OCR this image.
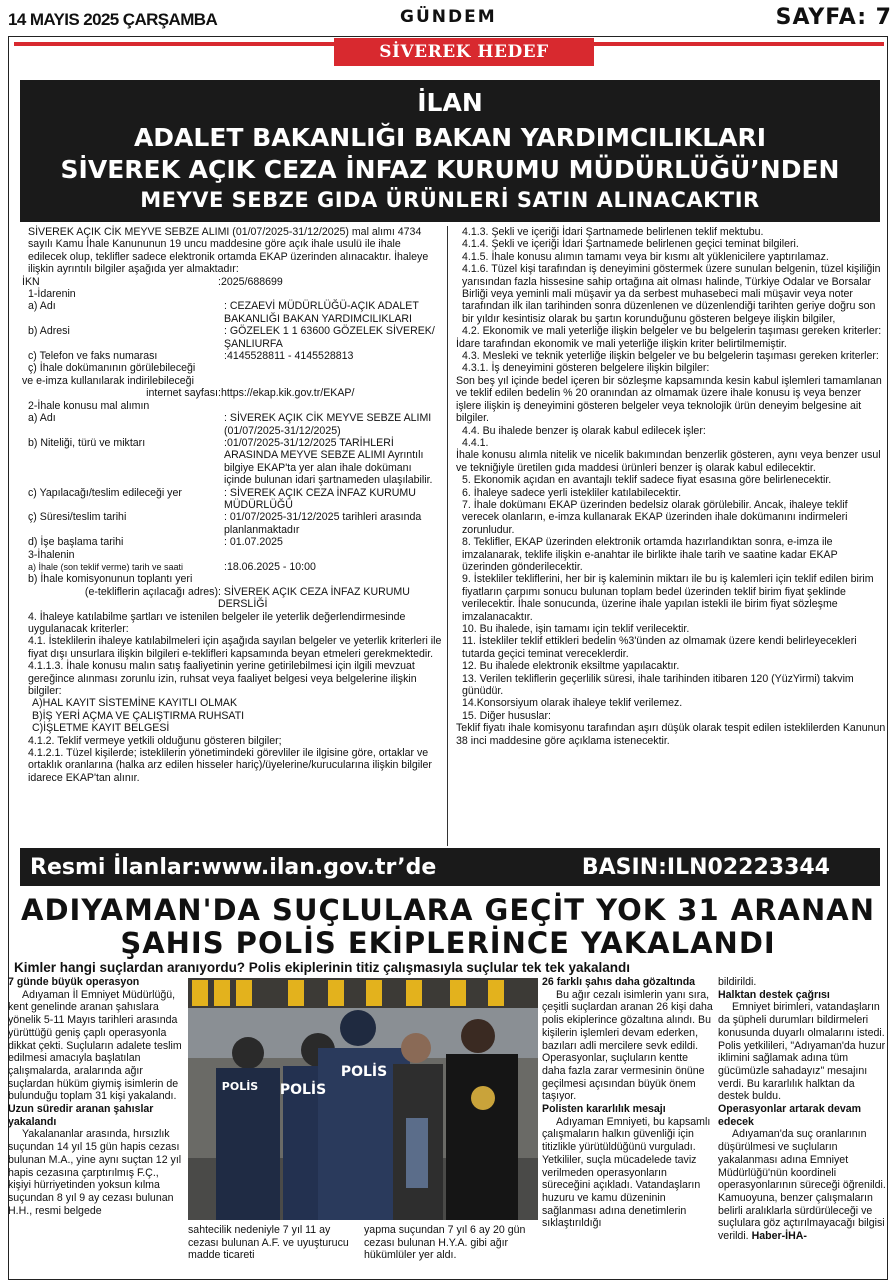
14 MAYIS 2025 ÇARŞAMBA	GÜNDEM	SAYFA: 7
SİVEREK HEDEF
İLAN
ADALET BAKANLIĞI BAKAN YARDIMCILIKLARI
SİVEREK AÇIK CEZA İNFAZ KURUMU MÜDÜRLÜĞÜ’NDEN
MEYVE SEBZE GIDA ÜRÜNLERİ SATIN ALINACAKTIR

SİVEREK AÇIK CİK MEYVE SEBZE ALIMI (01/07/2025-31/12/2025) mal alımı 4734 sayılı Kamu İhale Kanununun 19 uncu maddesine göre açık ihale usulü ile ihale edilecek olup, teklifler sadece elektronik ortamda EKAP üzerinden alınacaktır. İhaleye ilişkin ayrıntılı bilgiler aşağıda yer almaktadır:

İKN	:2025/688699

1-İdarenin

a) Adı	: CEZAEVİ MÜDÜRLÜĞÜ-AÇIK ADALET BAKANLIĞI BAKAN YARDIMCILIKLARI
b) Adresi	: GÖZELEK 1 1 63600 GÖZELEK SİVEREK/ŞANLIURFA
c) Telefon ve faks numarası	:4145528811 - 4145528813

ç) İhale dokümanının görülebileceği

ve e-imza kullanılarak indirilebileceği

internet sayfası :https://ekap.kik.gov.tr/EKAP/

2-İhale konusu mal alımın

a) Adı	: SİVEREK AÇIK CİK MEYVE SEBZE ALIMI (01/07/2025-31/12/2025)
b) Niteliği, türü ve miktarı	:01/07/2025-31/12/2025 TARİHLERİ ARASINDA MEYVE SEBZE ALIMI Ayrıntılı bilgiye EKAP'ta yer alan ihale dokümanı içinde bulunan idari şartnameden ulaşılabilir.
c) Yapılacağı/teslim edileceği yer	: SİVEREK AÇIK CEZA İNFAZ KURUMU MÜDÜRLÜĞÜ
ç) Süresi/teslim tarihi	: 01/07/2025-31/12/2025 tarihleri arasında planlanmaktadır
d) İşe başlama tarihi	: 01.07.2025

3-İhalenin

a) İhale (son teklif verme) tarih ve saati	:18.06.2025 - 10:00

b) İhale komisyonunun toplantı yeri

(e-tekliflerin açılacağı adres) : SİVEREK AÇIK CEZA İNFAZ KURUMU DERSLİĞİ

4. İhaleye katılabilme şartları ve istenilen belgeler ile yeterlik değerlendirmesinde uygulanacak kriterler:

4.1. İsteklilerin ihaleye katılabilmeleri için aşağıda sayılan belgeler ve yeterlik kriterleri ile fiyat dışı unsurlara ilişkin bilgileri e-teklifleri kapsamında beyan etmeleri gerekmektedir.

4.1.1.3. İhale konusu malın satış faaliyetinin yerine getirilebilmesi için ilgili mevzuat gereğince alınması zorunlu izin, ruhsat veya faaliyet belgesi veya belgelerine ilişkin bilgiler:

A)HAL KAYIT SİSTEMİNE KAYITLI OLMAK

B)İŞ YERİ AÇMA VE ÇALIŞTIRMA RUHSATI

C)İŞLETME KAYIT BELGESİ

4.1.2. Teklif vermeye yetkili olduğunu gösteren bilgiler;

4.1.2.1. Tüzel kişilerde; isteklilerin yönetimindeki görevliler ile ilgisine göre, ortaklar ve ortaklık oranlarına (halka arz edilen hisseler hariç)/üyelerine/kurucularına ilişkin bilgiler idarece EKAP'tan alınır.

4.1.3. Şekli ve içeriği İdari Şartnamede belirlenen teklif mektubu.

4.1.4. Şekli ve içeriği İdari Şartnamede belirlenen geçici teminat bilgileri.

4.1.5. İhale konusu alımın tamamı veya bir kısmı alt yüklenicilere yaptırılamaz.

4.1.6. Tüzel kişi tarafından iş deneyimini göstermek üzere sunulan belgenin, tüzel kişiliğin yarısından fazla hissesine sahip ortağına ait olması halinde, Türkiye Odalar ve Borsalar Birliği veya yeminli mali müşavir ya da serbest muhasebeci mali müşavir veya noter tarafından ilk ilan tarihinden sonra düzenlenen ve düzenlendiği tarihten geriye doğru son bir yıldır kesintisiz olarak bu şartın korunduğunu gösteren belgeye ilişkin bilgiler,

4.2. Ekonomik ve mali yeterliğe ilişkin belgeler ve bu belgelerin taşıması gereken kriterler:

İdare tarafından ekonomik ve mali yeterliğe ilişkin kriter belirtilmemiştir.

4.3. Mesleki ve teknik yeterliğe ilişkin belgeler ve bu belgelerin taşıması gereken kriterler:

4.3.1. İş deneyimini gösteren belgelere ilişkin bilgiler:

Son beş yıl içinde bedel içeren bir sözleşme kapsamında kesin kabul işlemleri tamamlanan ve teklif edilen bedelin % 20 oranından az olmamak üzere ihale konusu iş veya benzer işlere ilişkin iş deneyimini gösteren belgeler veya teknolojik ürün deneyim belgesine ait bilgiler.

4.4. Bu ihalede benzer iş olarak kabul edilecek işler:

4.4.1.

İhale konusu alımla nitelik ve nicelik bakımından benzerlik gösteren, aynı veya benzer usul ve tekniğiyle üretilen gıda maddesi ürünleri benzer iş olarak kabul edilecektir.

5. Ekonomik açıdan en avantajlı teklif sadece fiyat esasına göre belirlenecektir.

6. İhaleye sadece yerli istekliler katılabilecektir.

7. İhale dokümanı EKAP üzerinden bedelsiz olarak görülebilir. Ancak, ihaleye teklif verecek olanların, e-imza kullanarak EKAP üzerinden ihale dokümanını indirmeleri zorunludur.

8. Teklifler, EKAP üzerinden elektronik ortamda hazırlandıktan sonra, e-imza ile imzalanarak, teklife ilişkin e-anahtar ile birlikte ihale tarih ve saatine kadar EKAP üzerinden gönderilecektir.

9. İstekliler tekliflerini, her bir iş kaleminin miktarı ile bu iş kalemleri için teklif edilen birim fiyatların çarpımı sonucu bulunan toplam bedel üzerinden teklif birim fiyat şeklinde verilecektir. İhale sonucunda, üzerine ihale yapılan istekli ile birim fiyat sözleşme imzalanacaktır.

10. Bu ihalede, işin tamamı için teklif verilecektir.

11. İstekliler teklif ettikleri bedelin %3'ünden az olmamak üzere kendi belirleyecekleri tutarda geçici teminat vereceklerdir.

12. Bu ihalede elektronik eksiltme yapılacaktır.

13. Verilen tekliflerin geçerlilik süresi, ihale tarihinden itibaren 120 (YüzYirmi) takvim günüdür.

14.Konsorsiyum olarak ihaleye teklif verilemez.

15. Diğer hususlar:

Teklif fiyatı ihale komisyonu tarafından aşırı düşük olarak tespit edilen isteklilerden Kanunun 38 inci maddesine göre açıklama istenecektir.

Resmi İlanlar:www.ilan.gov.tr’de	BASIN:ILN02223344
ADIYAMAN'DA SUÇLULARA GEÇİT YOK 31 ARANAN
ŞAHIS POLİS EKİPLERİNCE YAKALANDI
Kimler hangi suçlardan aranıyordu? Polis ekiplerinin titiz çalışmasıyla suçlular tek tek yakalandı
7 günde büyük operasyon

Adıyaman İl Emniyet Müdürlüğü, kent genelinde aranan şahıslara yönelik 5-11 Mayıs tarihleri arasında yürüttüğü geniş çaplı operasyonla dikkat çekti. Suçluların adalete teslim edilmesi amacıyla başlatılan çalışmalarda, aralarında ağır suçlardan hüküm giymiş isimlerin de bulunduğu toplam 31 kişi yakalandı.

Uzun süredir aranan şahıslar yakalandı

Yakalananlar arasında, hırsızlık suçundan 14 yıl 15 gün hapis cezası bulunan M.A., yine aynı suçtan 12 yıl hapis cezasına çarptırılmış F.Ç., kişiyi hürriyetinden yoksun kılma suçundan 8 yıl 9 ay cezası bulunan H.H., resmi belgede

POLİS
POLİS
POLİS

sahtecilik nedeniyle 7 yıl 11 ay cezası bulunan A.F. ve uyuşturucu madde ticareti

yapma suçundan 7 yıl 6 ay 20 gün cezası bulunan H.Y.A. gibi ağır hükümlüler yer aldı.

26 farklı şahıs daha gözaltında

Bu ağır cezalı isimlerin yanı sıra, çeşitli suçlardan aranan 26 kişi daha polis ekiplerince gözaltına alındı. Bu kişilerin işlemleri devam ederken, bazıları adli mercilere sevk edildi. Operasyonlar, suçluların kentte daha fazla zarar vermesinin önüne geçilmesi açısından büyük önem taşıyor.

Polisten kararlılık mesajı

Adıyaman Emniyeti, bu kapsamlı çalışmaların halkın güvenliği için titizlikle yürütüldüğünü vurguladı. Yetkililer, suçla mücadelede taviz verilmeden operasyonların süreceğini açıkladı. Vatandaşların huzuru ve kamu düzeninin sağlanması adına denetimlerin sıklaştırıldığı

bildirildi.

Halktan destek çağrısı

Emniyet birimleri, vatandaşların da şüpheli durumları bildirmeleri konusunda duyarlı olmalarını istedi. Polis yetkilileri, "Adıyaman'da huzur iklimini sağlamak adına tüm gücümüzle sahadayız" mesajını verdi. Bu kararlılık halktan da destek buldu.

Operasyonlar artarak devam edecek

Adıyaman'da suç oranlarının düşürülmesi ve suçluların yakalanması adına Emniyet Müdürlüğü'nün koordineli operasyonlarının süreceği öğrenildi. Kamuoyuna, benzer çalışmaların belirli aralıklarla sürdürüleceği ve suçlulara göz açtırılmayacağı bilgisi verildi. Haber-İHA-
